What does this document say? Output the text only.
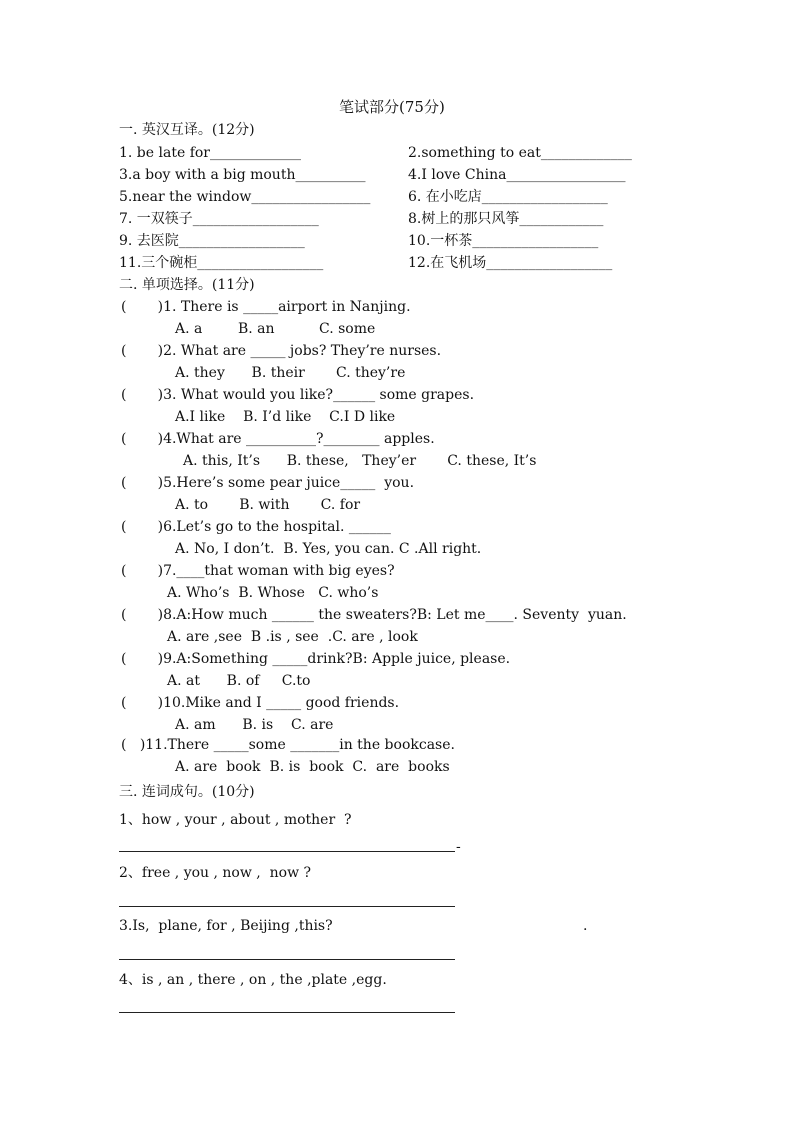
笔试部分(75分)
一. 英汉互译。(12分)
1. be late for_____________	2.something to eat_____________
3.a boy with a big mouth__________	4.I love China_________________
5.near the window_________________	6. 在小吃店__________________
7. 一双筷子__________________	8.树上的那只风筝____________
9. 去医院__________________	10.一杯茶__________________
11.三个碗柜__________________	12.在飞机场__________________
二. 单项选择。(11分)
(       )1. There is _____airport in Nanjing.
A. a        B. an          C. some
(       )2. What are _____ jobs? They’re nurses.
A. they      B. their       C. they’re
(       )3. What would you like?______ some grapes.
A.I like    B. I’d like    C.I D like
(       )4.What are __________?________ apples.
A. this, It’s      B. these,   They’er       C. these, It’s
(       )5.Here’s some pear juice_____  you.
A. to       B. with       C. for
(       )6.Let’s go to the hospital. ______
A. No, I don’t.  B. Yes, you can. C .All right.
(       )7.____that woman with big eyes?
A. Who’s  B. Whose   C. who’s
(       )8.A:How much ______ the sweaters?B: Let me____. Seventy  yuan.
A. are ,see  B .is , see  .C. are , look
(       )9.A:Something _____drink?B: Apple juice, please.
A. at      B. of     C.to
(       )10.Mike and I _____ good friends.
A. am      B. is    C. are
(   )11.There _____some _______in the bookcase.
A. are  book  B. is  book  C.  are  books
三. 连词成句。(10分)
1、how , your , about , mother  ?
-
2、free , you , now ,  now ?
3.Is,  plane, for , Beijing ,this?	.
4、is , an , there , on , the ,plate ,egg.
